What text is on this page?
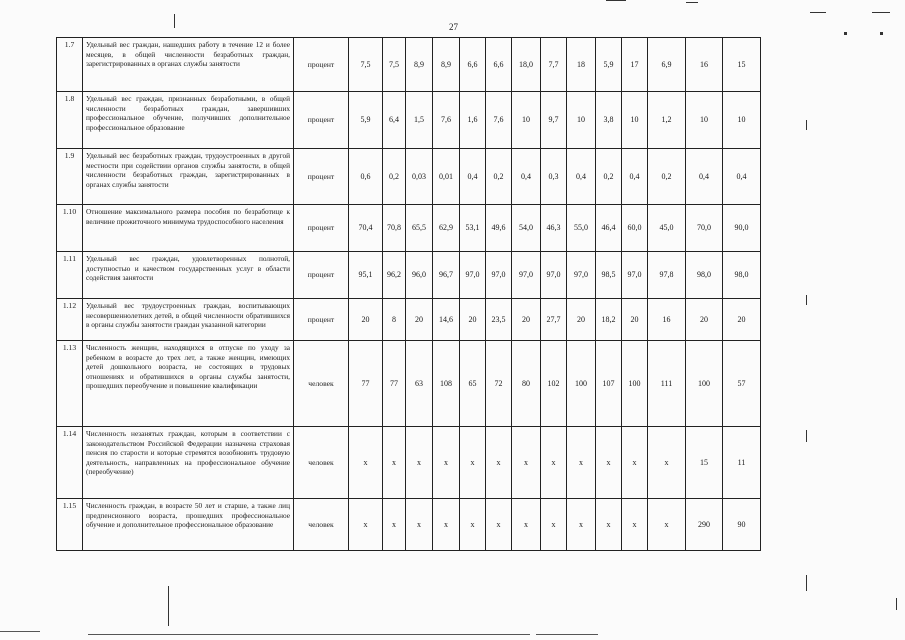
27
1.7	Удельный вес граждан, нашедших работу в течение 12 и более месяцев, в общей численности безработных граждан, зарегистрированных в органах службы занятости	процент	7,5	7,5	8,9	8,9	6,6	6,6	18,0	7,7	18	5,9	17	6,9	16	15
1.8	Удельный вес граждан, признанных безработными, в общей численности безработных граждан, завершивших профессиональное обучение, получивших дополнительное профессиональное образование	процент	5,9	6,4	1,5	7,6	1,6	7,6	10	9,7	10	3,8	10	1,2	10	10
1.9	Удельный вес безработных граждан, трудоустроенных в другой местности при содействии органов службы занятости, в общей численности безработных граждан, зарегистрированных в органах службы занятости	процент	0,6	0,2	0,03	0,01	0,4	0,2	0,4	0,3	0,4	0,2	0,4	0,2	0,4	0,4
1.10	Отношение максимального размера пособия по безработице к величине прожиточного минимума трудоспособного населения	процент	70,4	70,8	65,5	62,9	53,1	49,6	54,0	46,3	55,0	46,4	60,0	45,0	70,0	90,0
1.11	Удельный вес граждан, удовлетворенных полнотой, доступностью и качеством государственных услуг в области содействия занятости	процент	95,1	96,2	96,0	96,7	97,0	97,0	97,0	97,0	97,0	98,5	97,0	97,8	98,0	98,0
1.12	Удельный вес трудоустроенных граждан, воспитывающих несовершеннолетних детей, в общей численности обратившихся в органы службы занятости граждан указанной категории	процент	20	8	20	14,6	20	23,5	20	27,7	20	18,2	20	16	20	20
1.13	Численность женщин, находящихся в отпуске по уходу за ребенком в возрасте до трех лет, а также женщин, имеющих детей дошкольного возраста, не состоящих в трудовых отношениях и обратившихся в органы службы занятости, прошедших переобучение и повышение квалификации	человек	77	77	63	108	65	72	80	102	100	107	100	111	100	57
1.14	Численность незанятых граждан, которым в соответствии с законодательством Российской Федерации назначена страховая пенсия по старости и которые стремятся возобновить трудовую деятельность, направленных на профессиональное обучение (переобучение)	человек	x	x	x	x	x	x	x	x	x	x	x	x	15	11
1.15	Численность граждан, в возрасте 50 лет и старше, а также лиц предпенсионного возраста, прошедших профессиональное обучение и дополнительное профессиональное образование	человек	x	x	x	x	x	x	x	x	x	x	x	x	290	90
